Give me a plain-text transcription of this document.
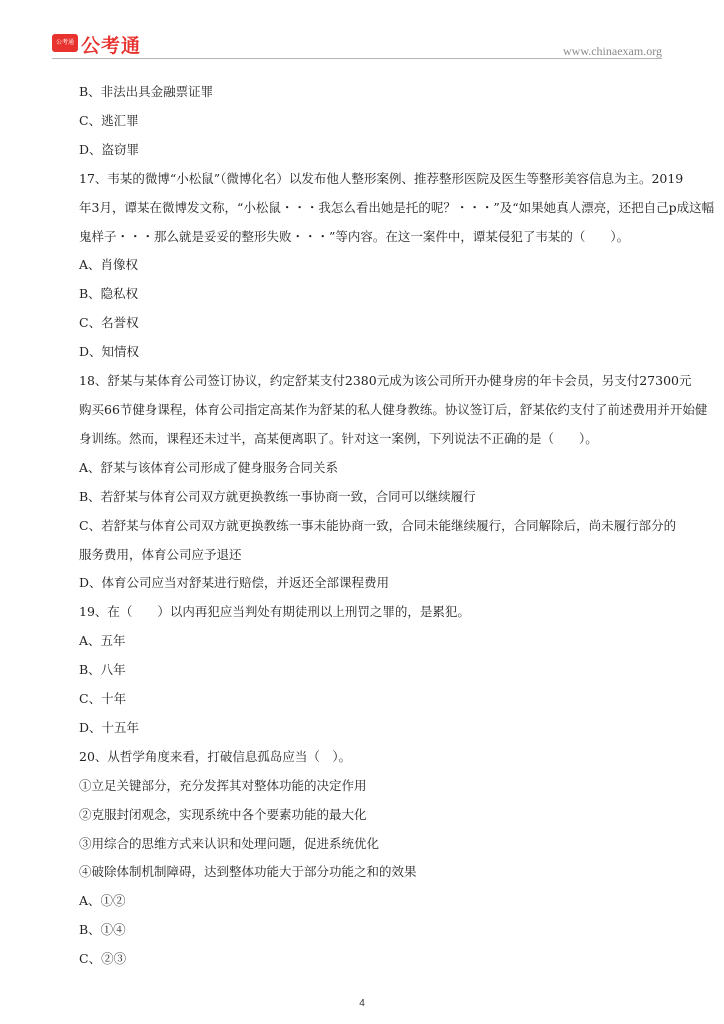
公考通 公考通	www.chinaexam.org
B、非法出具金融票证罪
C、逃汇罪
D、盗窃罪
17、韦某的微博“小松鼠”（微博化名）以发布他人整形案例、推荐整形医院及医生等整形美容信息为主。2019
年3月，谭某在微博发文称，“小松鼠・・・我怎么看出她是托的呢？・・・”及“如果她真人漂亮，还把自己p成这幅
鬼样子・・・那么就是妥妥的整形失败・・・”等内容。在这一案件中，谭某侵犯了韦某的（　　）。
A、肖像权
B、隐私权
C、名誉权
D、知情权
18、舒某与某体育公司签订协议，约定舒某支付2380元成为该公司所开办健身房的年卡会员，另支付27300元
购买66节健身课程，体育公司指定高某作为舒某的私人健身教练。协议签订后，舒某依约支付了前述费用并开始健
身训练。然而，课程还未过半，高某便离职了。针对这一案例，下列说法不正确的是（　　）。
A、舒某与该体育公司形成了健身服务合同关系
B、若舒某与体育公司双方就更换教练一事协商一致，合同可以继续履行
C、若舒某与体育公司双方就更换教练一事未能协商一致，合同未能继续履行，合同解除后，尚未履行部分的
服务费用，体育公司应予退还
D、体育公司应当对舒某进行赔偿，并返还全部课程费用
19、在（　　）以内再犯应当判处有期徒刑以上刑罚之罪的，是累犯。
A、五年
B、八年
C、十年
D、十五年
20、从哲学角度来看，打破信息孤岛应当（　）。
①立足关键部分，充分发挥其对整体功能的决定作用
②克服封闭观念，实现系统中各个要素功能的最大化
③用综合的思维方式来认识和处理问题，促进系统优化
④破除体制机制障碍，达到整体功能大于部分功能之和的效果
A、①②
B、①④
C、②③
4
